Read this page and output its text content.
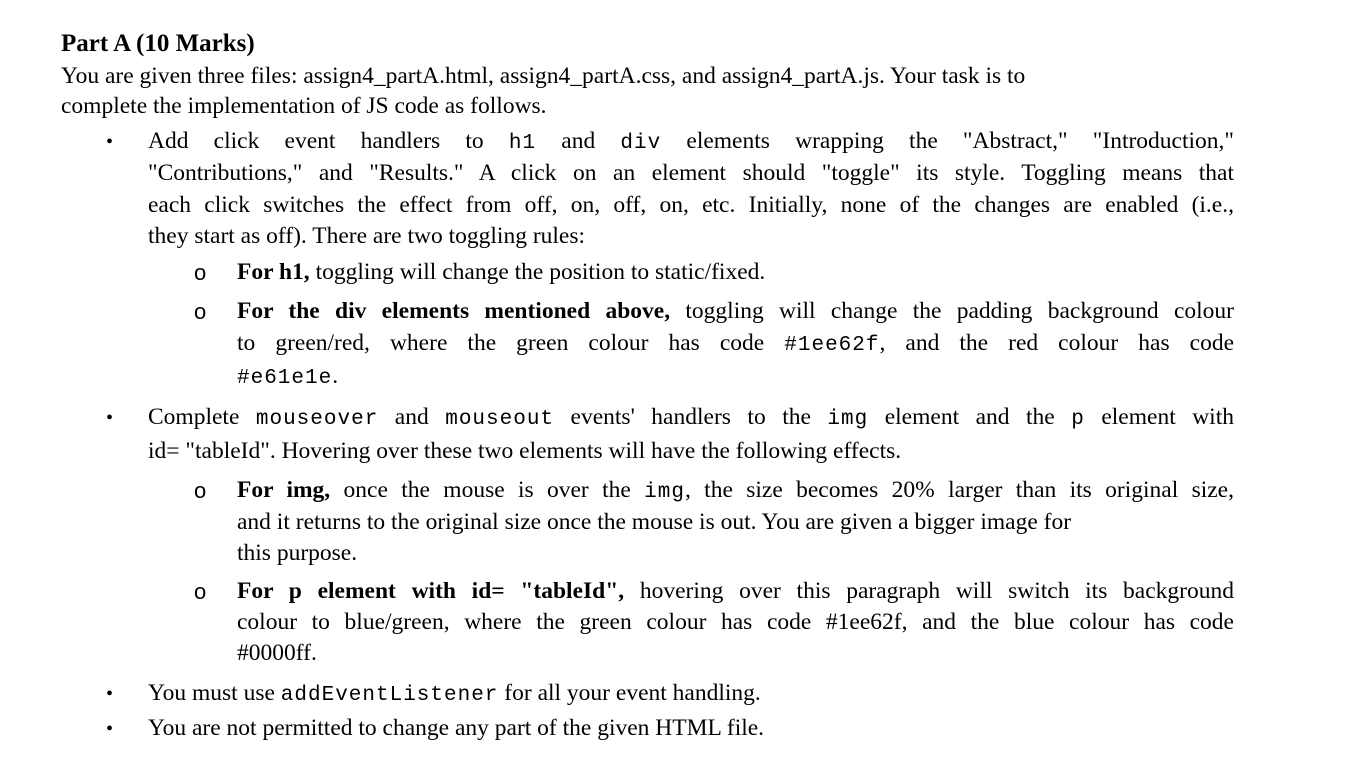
Part A (10 Marks)
You are given three files: assign4_partA.html, assign4_partA.css, and assign4_partA.js. Your task is to
complete the implementation of JS code as follows.
• Add click event handlers to h1 and div elements wrapping the "Abstract," "Introduction,"
"Contributions," and "Results." A click on an element should "toggle" its style. Toggling means that
each click switches the effect from off, on, off, on, etc. Initially, none of the changes are enabled (i.e.,
they start as off). There are two toggling rules:
o For h1, toggling will change the position to static/fixed.
o For the div elements mentioned above, toggling will change the padding background colour
to green/red, where the green colour has code #1ee62f, and the red colour has code
#e61e1e.
• Complete mouseover and mouseout events' handlers to the img element and the p element with
id= "tableId". Hovering over these two elements will have the following effects.
o For img, once the mouse is over the img, the size becomes 20% larger than its original size,
and it returns to the original size once the mouse is out. You are given a bigger image for
this purpose.
o For p element with id= "tableId", hovering over this paragraph will switch its background
colour to blue/green, where the green colour has code #1ee62f, and the blue colour has code
#0000ff.
• You must use addEventListener for all your event handling.
• You are not permitted to change any part of the given HTML file.
